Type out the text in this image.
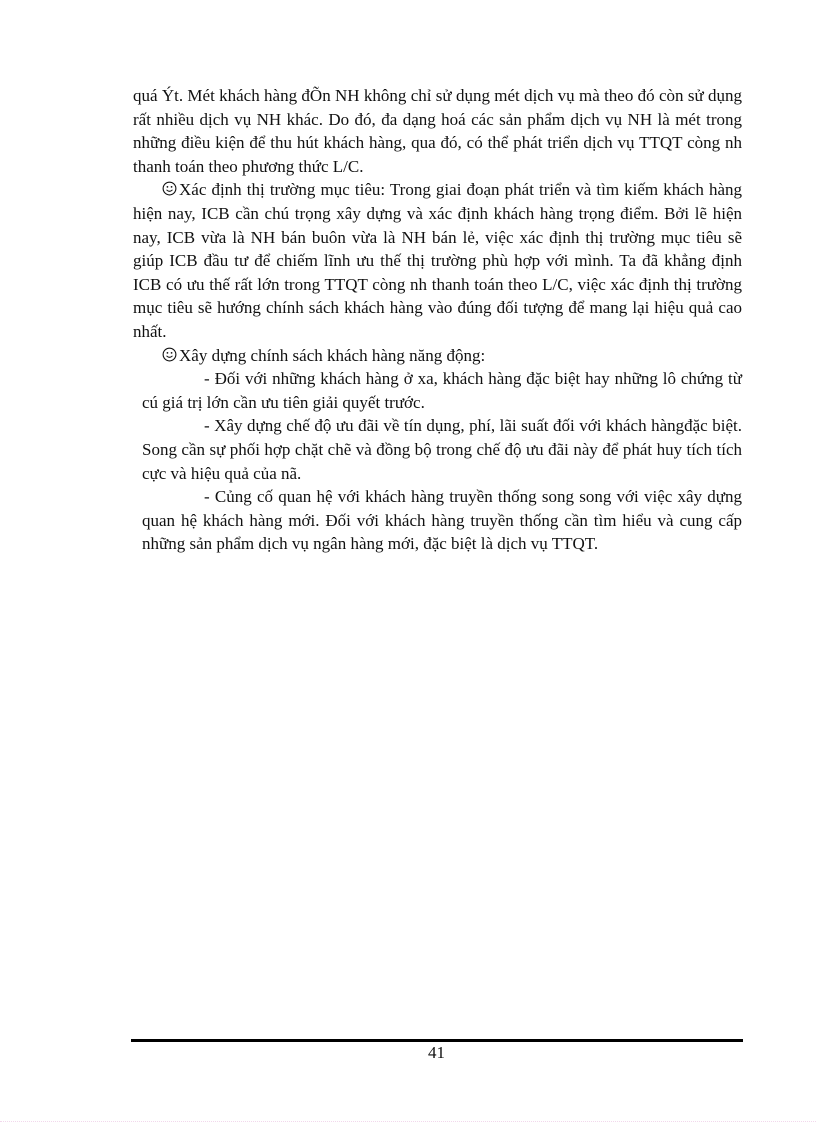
quá Ýt. Mét khách hàng đÕn NH không chỉ sử dụng mét dịch vụ mà theo đó còn sử dụng rất nhiều dịch vụ NH khác. Do đó, đa dạng hoá các sản phẩm dịch vụ NH là mét trong những điều kiện để thu hút khách hàng, qua đó, có thể phát triển dịch vụ TTQT còng nh thanh toán theo phương thức L/C.

Xác định thị trường mục tiêu: Trong giai đoạn phát triển và tìm kiếm khách hàng hiện nay, ICB cần chú trọng xây dựng và xác định khách hàng trọng điểm. Bởi lẽ hiện nay, ICB vừa là NH bán buôn vừa là NH bán lẻ, việc xác định thị trường mục tiêu sẽ giúp ICB đầu tư để chiếm lĩnh ưu thế thị trường phù hợp với mình. Ta đã khẳng định ICB có ưu thế rất lớn trong TTQT còng nh thanh toán theo L/C, việc xác định thị trường mục tiêu sẽ hướng chính sách khách hàng vào đúng đối tượng để mang lại hiệu quả cao nhất.

Xây dựng chính sách khách hàng năng động:

- Đối với những khách hàng ở xa, khách hàng đặc biệt hay những lô chứng từ cú giá trị lớn cần ưu tiên giải quyết trước.

- Xây dựng chế độ ưu đãi về tín dụng, phí, lãi suất đối với khách hàngđặc biệt. Song cần sự phối hợp chặt chẽ và đồng bộ trong chế độ ưu đãi này để phát huy tích tích cực và hiệu quả của nã.

- Củng cố quan hệ với khách hàng truyền thống song song với việc xây dựng quan hệ khách hàng mới. Đối với khách hàng truyền thống cần tìm hiểu và cung cấp những sản phẩm dịch vụ ngân hàng mới, đặc biệt là dịch vụ TTQT.

41
